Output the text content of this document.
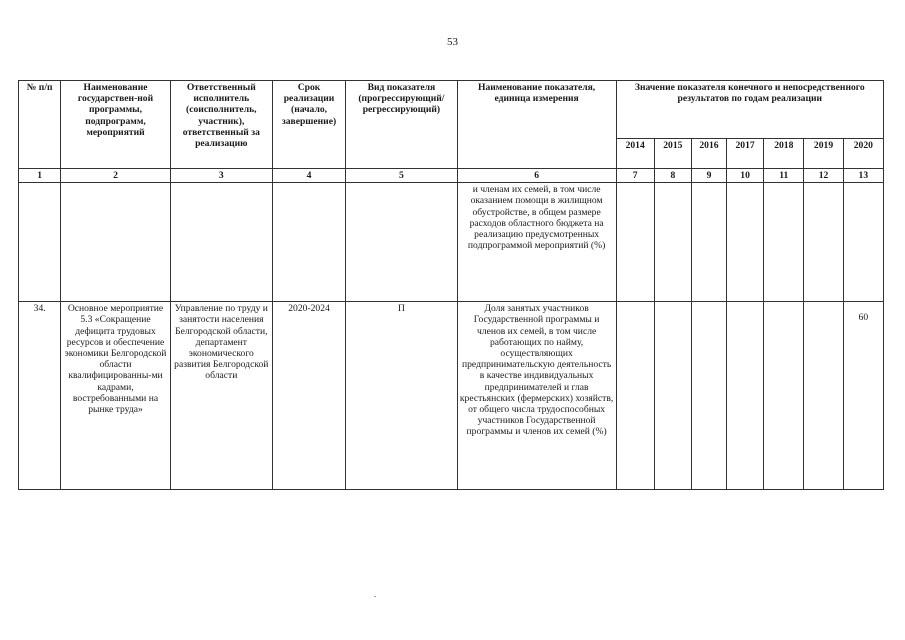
53
№ п/п	Наименование государствен-ной программы, подпрограмм, мероприятий	Ответственный исполнитель (соисполнитель, участник), ответственный за реализацию	Срок реализации (начало, завершение)	Вид показателя (прогрессирующий/ регрессирующий)	Наименование показателя, единица измерения	Значение показателя конечного и непосредственного результатов по годам реализации						
						2014	2015	2016	2017	2018	2019	2020
1	2	3	4	5	6	7	8	9	10	11	12	13
					и членам их семей, в том числе оказанием помощи в жилищном обустройстве, в общем размере расходов областного бюджета на реализацию предусмотренных подпрограммой мероприятий (%)							
34.	Основное мероприятие 5.3 «Сокращение дефицита трудовых ресурсов и обеспечение экономики Белгородской области квалифицированны-ми кадрами, востребованными на рынке труда»	Управление по труду и занятости населения Белгородской области, департамент экономического развития Белгородской области	2020-2024	П	Доля занятых участников Государственной программы и членов их семей, в том числе работающих по найму, осуществляющих предпринимательскую деятельность в качестве индивидуальных предпринимателей и глав крестьянских (фермерских) хозяйств, от общего числа трудоспособных участников Государственной программы и членов их семей (%)							60
